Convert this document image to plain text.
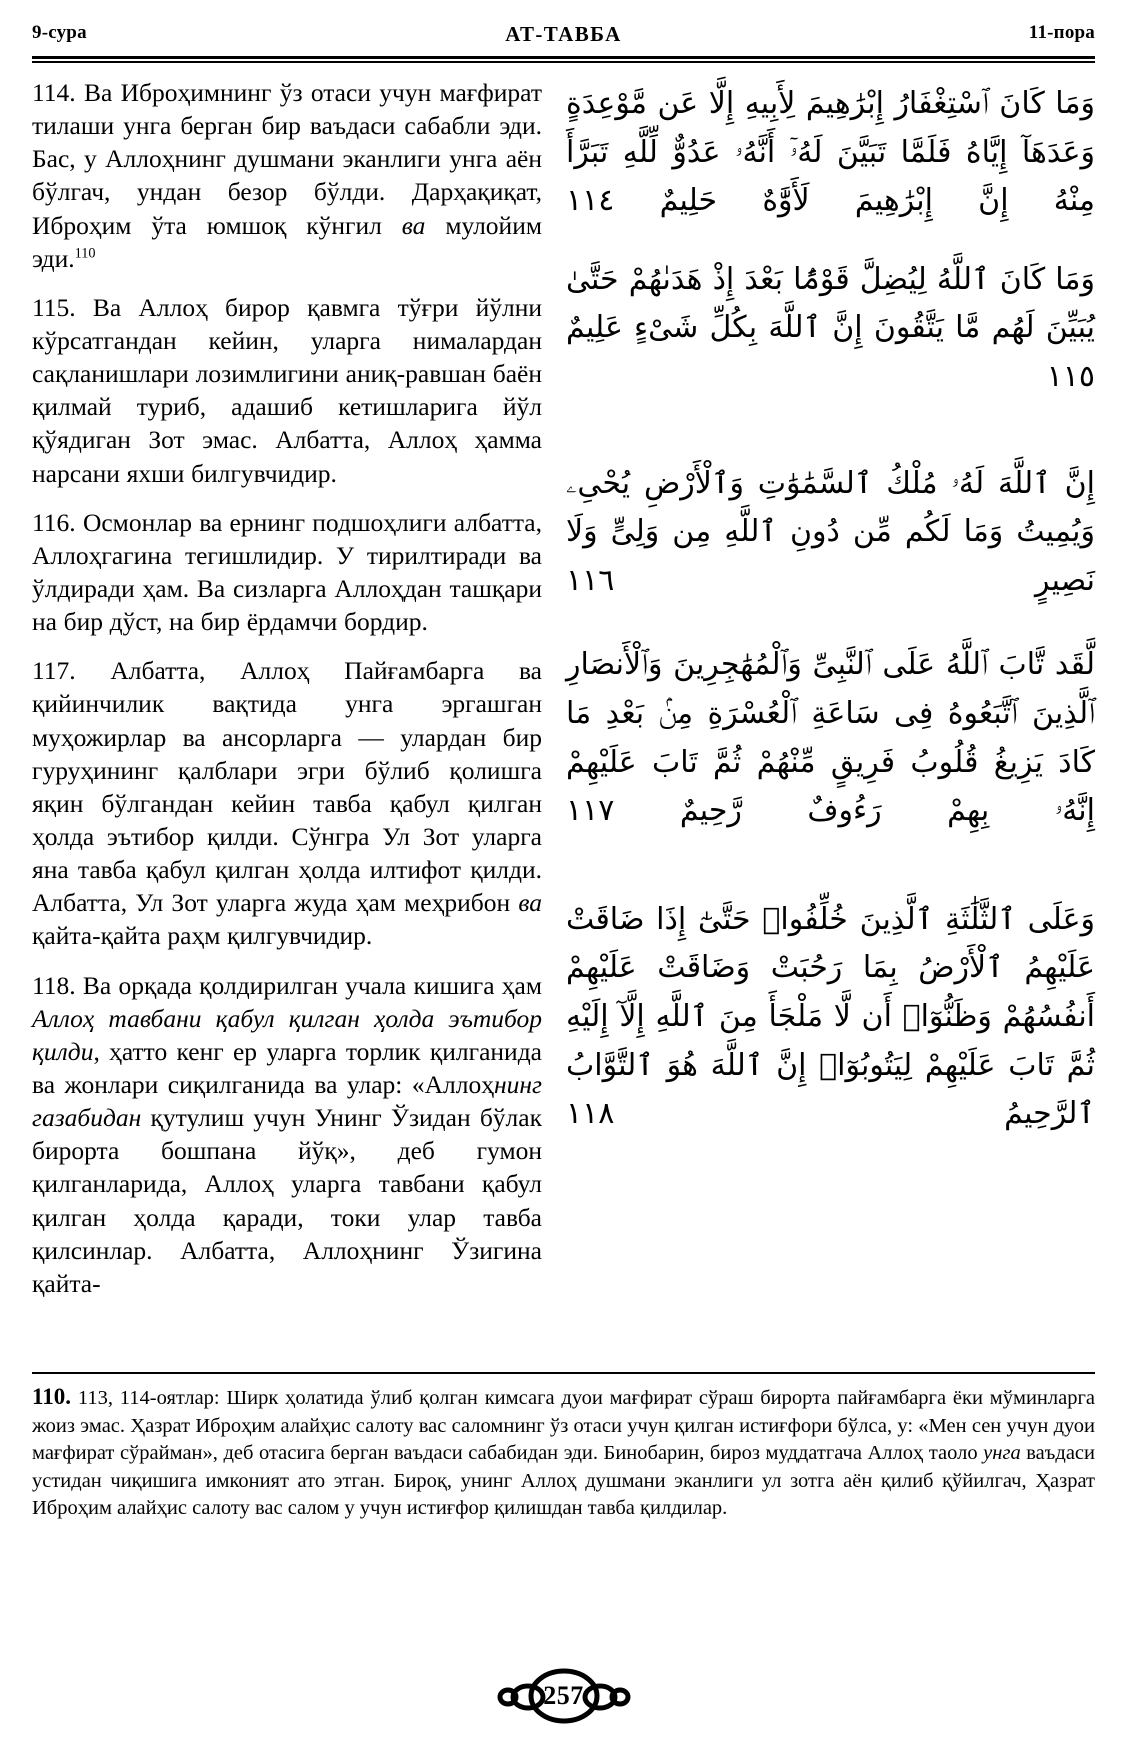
9-сура	АТ-ТАВБА	11-пора

114. Ва Иброҳимнинг ўз отаси учун мағфират тилаши унга берган бир ваъдаси сабабли эди. Бас, у Аллоҳнинг душмани эканлиги унга аён бўлгач, ундан безор бўлди. Дарҳақиқат, Иброҳим ўта юмшоқ кўнгил ва мулойим эди.$^{110}$

115. Ва Аллоҳ бирор қавмга тўғри йўлни кўрсатгандан кейин, уларга нималардан сақланишлари лозимлигини аниқ-равшан баён қилмай туриб, адашиб кетишларига йўл қўядиган Зот эмас. Албатта, Аллоҳ ҳамма нарсани яхши билгувчидир.

116. Осмонлар ва ернинг подшоҳлиги албатта, Аллоҳгагина тегишлидир. У тирилтиради ва ўлдиради ҳам. Ва сизларга Аллоҳдан ташқари на бир дўст, на бир ёрдамчи бордир.

117. Албатта, Аллоҳ Пайғамбарга ва қийинчилик вақтида унга эргашган муҳожирлар ва ансорларга — улардан бир гуруҳининг қалблари эгри бўлиб қолишга яқин бўлгандан кейин тавба қабул қилган ҳолда эътибор қилди. Сўнгра Ул Зот уларга яна тавба қабул қилган ҳолда илтифот қилди. Албатта, Ул Зот уларга жуда ҳам меҳрибон ва қайта-қайта раҳм қилгувчидир.

118. Ва орқада қолдирилган учала кишига ҳам Аллоҳ тавбани қабул қилган ҳолда эътибор қилди, ҳатто кенг ер уларга торлик қилганида ва жонлари сиқилганида ва улар: «Аллоҳнинг газабидан қутулиш учун Унинг Ўзидан бўлак бирорта бошпана йўқ», деб гумон қилганларида, Аллоҳ уларга тавбани қабул қилган ҳолда қаради, токи улар тавба қилсинлар. Албатта, Аллоҳнинг Ўзигина қайта-

وَمَا كَانَ ٱسْتِغْفَارُ إِبْرَٰهِيمَ لِأَبِيهِ إِلَّا عَن مَّوْعِدَةٍ وَعَدَهَآ إِيَّاهُ فَلَمَّا تَبَيَّنَ لَهُۥٓ أَنَّهُۥ عَدُوٌّ لِّلَّهِ تَبَرَّأَ مِنْهُ إِنَّ إِبْرَٰهِيمَ لَأَوَّٰهٌ حَلِيمٌ ١١٤
وَمَا كَانَ ٱللَّهُ لِيُضِلَّ قَوْمًۢا بَعْدَ إِذْ هَدَىٰهُمْ حَتَّىٰ يُبَيِّنَ لَهُم مَّا يَتَّقُونَ إِنَّ ٱللَّهَ بِكُلِّ شَىْءٍ عَلِيمٌ ١١٥
إِنَّ ٱللَّهَ لَهُۥ مُلْكُ ٱلسَّمَٰوَٰتِ وَٱلْأَرْضِ يُحْىِۦ وَيُمِيتُ وَمَا لَكُم مِّن دُونِ ٱللَّهِ مِن وَلِىٍّ وَلَا نَصِيرٍ ١١٦
لَّقَد تَّابَ ٱللَّهُ عَلَى ٱلنَّبِىِّ وَٱلْمُهَٰجِرِينَ وَٱلْأَنصَارِ ٱلَّذِينَ ٱتَّبَعُوهُ فِى سَاعَةِ ٱلْعُسْرَةِ مِنۢ بَعْدِ مَا كَادَ يَزِيغُ قُلُوبُ فَرِيقٍ مِّنْهُمْ ثُمَّ تَابَ عَلَيْهِمْ إِنَّهُۥ بِهِمْ رَءُوفٌ رَّحِيمٌ ١١٧
وَعَلَى ٱلثَّلَٰثَةِ ٱلَّذِينَ خُلِّفُوا۟ حَتَّىٰٓ إِذَا ضَاقَتْ عَلَيْهِمُ ٱلْأَرْضُ بِمَا رَحُبَتْ وَضَاقَتْ عَلَيْهِمْ أَنفُسُهُمْ وَظَنُّوٓا۟ أَن لَّا مَلْجَأَ مِنَ ٱللَّهِ إِلَّآ إِلَيْهِ ثُمَّ تَابَ عَلَيْهِمْ لِيَتُوبُوٓا۟ إِنَّ ٱللَّهَ هُوَ ٱلتَّوَّابُ ٱلرَّحِيمُ ١١٨
110. 113, 114-оятлар: Ширк ҳолатида ўлиб қолган кимсага дуои мағфират сўраш бирорта пайғамбарга ёки мўминларга жоиз эмас. Ҳазрат Иброҳим алайҳис салоту вас саломнинг ўз отаси учун қилган истиғфори бўлса, у: «Мен сен учун дуои мағфират сўрайман», деб отасига берган ваъдаси сабабидан эди. Бинобарин, бироз муддатгача Аллоҳ таоло унга ваъдаси устидан чиқишига имконият ато этган. Бироқ, унинг Аллоҳ душмани эканлиги ул зотга аён қилиб қўйилгач, Ҳазрат Иброҳим алайҳис салоту вас салом у учун истиғфор қилишдан тавба қилдилар.
257
